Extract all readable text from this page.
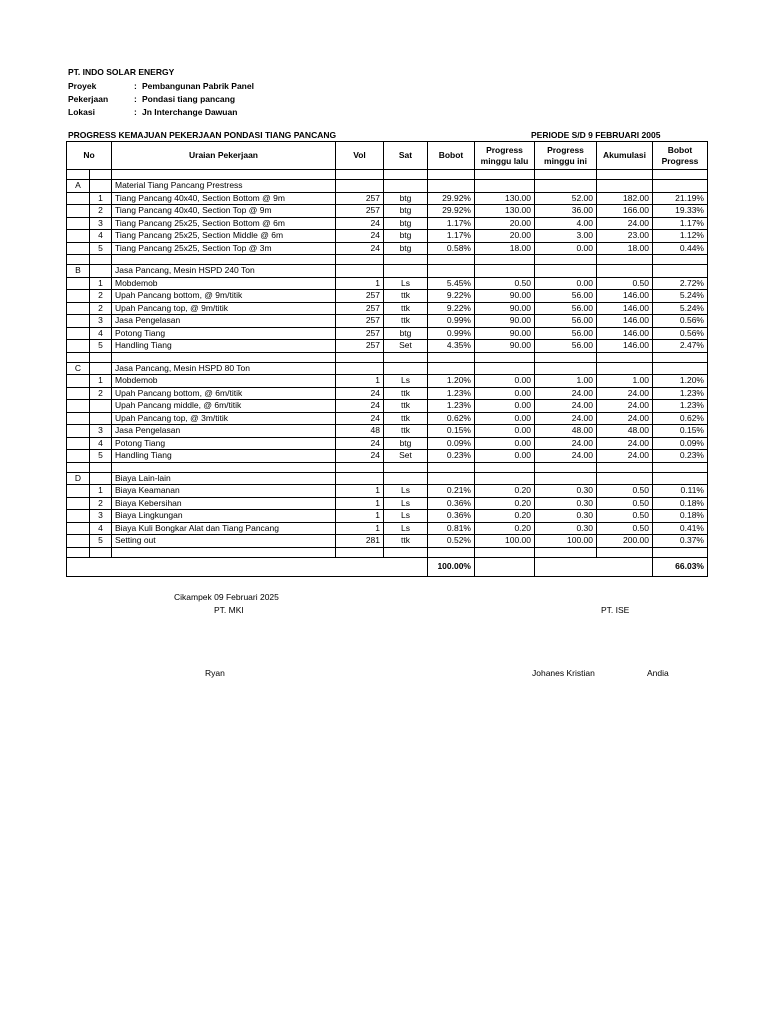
PT. INDO SOLAR ENERGY
Proyek	: Pembangunan Pabrik Panel
Pekerjaan	: Pondasi tiang pancang
Lokasi	: Jn Interchange Dawuan
PROGRESS KEMAJUAN PEKERJAAN PONDASI TIANG PANCANG	PERIODE S/D 9 FEBRUARI 2005
No		Uraian Pekerjaan	Vol	Sat	Bobot	Progress minggu lalu	Progress minggu ini	Akumulasi	Bobot Progress

A		Material Tiang Pancang Prestress							
	1	Tiang Pancang 40x40, Section Bottom @ 9m	257	btg	29.92%	130.00	52.00	182.00	21.19%
	2	Tiang Pancang 40x40, Section Top @ 9m	257	btg	29.92%	130.00	36.00	166.00	19.33%
	3	Tiang Pancang 25x25, Section Bottom @ 6m	24	btg	1.17%	20.00	4.00	24.00	1.17%
	4	Tiang Pancang 25x25, Section Middle @ 6m	24	btg	1.17%	20.00	3.00	23.00	1.12%
	5	Tiang Pancang 25x25, Section Top @ 3m	24	btg	0.58%	18.00	0.00	18.00	0.44%

B		Jasa Pancang, Mesin HSPD 240 Ton							
	1	Mobdemob	1	Ls	5.45%	0.50	0.00	0.50	2.72%
	2	Upah Pancang bottom, @ 9m/titik	257	ttk	9.22%	90.00	56.00	146.00	5.24%
	2	Upah Pancang top, @ 9m/titik	257	ttk	9.22%	90.00	56.00	146.00	5.24%
	3	Jasa Pengelasan	257	ttk	0.99%	90.00	56.00	146.00	0.56%
	4	Potong Tiang	257	btg	0.99%	90.00	56.00	146.00	0.56%
	5	Handling Tiang	257	Set	4.35%	90.00	56.00	146.00	2.47%

C		Jasa Pancang, Mesin HSPD 80 Ton							
	1	Mobdemob	1	Ls	1.20%	0.00	1.00	1.00	1.20%
	2	Upah Pancang bottom, @ 6m/titik	24	ttk	1.23%	0.00	24.00	24.00	1.23%
		Upah Pancang middle, @ 6m/titik	24	ttk	1.23%	0.00	24.00	24.00	1.23%
		Upah Pancang top, @ 3m/titik	24	ttk	0.62%	0.00	24.00	24.00	0.62%
	3	Jasa Pengelasan	48	ttk	0.15%	0.00	48.00	48.00	0.15%
	4	Potong Tiang	24	btg	0.09%	0.00	24.00	24.00	0.09%
	5	Handling Tiang	24	Set	0.23%	0.00	24.00	24.00	0.23%

D		Biaya Lain-lain							
	1	Biaya Keamanan	1	Ls	0.21%	0.20	0.30	0.50	0.11%
	2	Biaya Kebersihan	1	Ls	0.36%	0.20	0.30	0.50	0.18%
	3	Biaya Lingkungan	1	Ls	0.36%	0.20	0.30	0.50	0.18%
	4	Biaya Kuli Bongkar Alat dan Tiang Pancang	1	Ls	0.81%	0.20	0.30	0.50	0.41%
	5	Setting out	281	ttk	0.52%	100.00	100.00	200.00	0.37%

					100.00%				66.03%
Cikampek 09 Februari 2025
PT. MKI	PT. ISE
Ryan	Johanes Kristian	Andia
